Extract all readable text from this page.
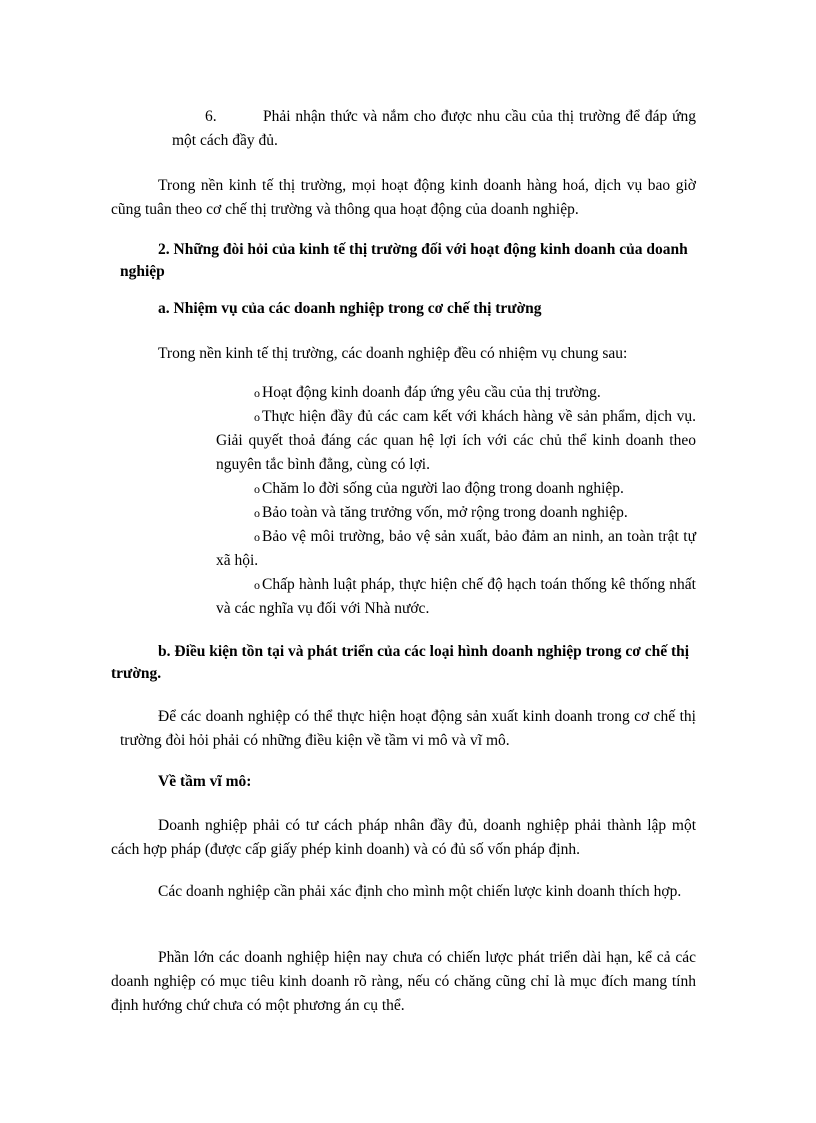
6.	Phải nhận thức và nắm cho được nhu cầu của thị trường để đáp ứng một cách đầy đủ.

Trong nền kinh tế thị trường, mọi hoạt động kinh doanh hàng hoá, dịch vụ bao giờ cũng tuân theo cơ chế thị trường và thông qua hoạt động của doanh nghiệp.

2. Những đòi hỏi của kinh tế thị trường đối với hoạt động kinh doanh của doanh nghiệp

a. Nhiệm vụ của các doanh nghiệp trong cơ chế thị trường

Trong nền kinh tế thị trường, các doanh nghiệp đều có nhiệm vụ chung sau:

o Hoạt động kinh doanh đáp ứng yêu cầu của thị trường.
o Thực hiện đầy đủ các cam kết với khách hàng về sản phẩm, dịch vụ. Giải quyết thoả đáng các quan hệ lợi ích với các chủ thể kinh doanh theo nguyên tắc bình đẳng, cùng có lợi.
o Chăm lo đời sống của người lao động trong doanh nghiệp.
o Bảo toàn và tăng trưởng vốn, mở rộng trong doanh nghiệp.
o Bảo vệ môi trường, bảo vệ sản xuất, bảo đảm an ninh, an toàn trật tự xã hội.
o Chấp hành luật pháp, thực hiện chế độ hạch toán thống kê thống nhất và các nghĩa vụ đối với Nhà nước.

b. Điều kiện tồn tại và phát triển của các loại hình doanh nghiệp trong cơ chế thị trường.

Để các doanh nghiệp có thể thực hiện hoạt động sản xuất kinh doanh trong cơ chế thị trường đòi hỏi phải có những điều kiện về tầm vi mô và vĩ mô.

Về tầm vĩ mô:

Doanh nghiệp phải có tư cách pháp nhân đầy đủ, doanh nghiệp phải thành lập một cách hợp pháp (được cấp giấy phép kinh doanh) và có đủ số vốn pháp định.

Các doanh nghiệp cần phải xác định cho mình một chiến lược kinh doanh thích hợp.

Phần lớn các doanh nghiệp hiện nay chưa có chiến lược phát triển dài hạn, kể cả các doanh nghiệp có mục tiêu kinh doanh rõ ràng, nếu có chăng cũng chỉ là mục đích mang tính định hướng chứ chưa có một phương án cụ thể.
